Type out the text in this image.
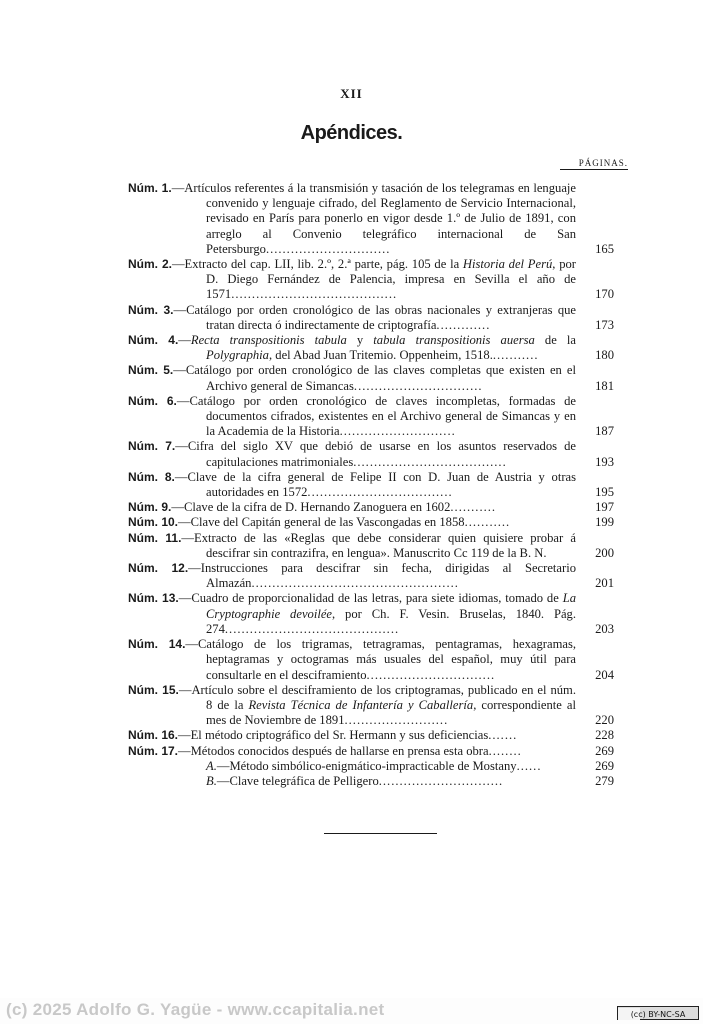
XII
Apéndices.
PÁGINAS.
Núm. 1.—Artículos referentes á la transmisión y tasación de los telegramas en lenguaje convenido y lenguaje cifrado, del Reglamento de Servicio Internacional, revisado en París para ponerlo en vigor desde 1.º de Julio de 1891, con arreglo al Convenio telegráfico internacional de San Petersburgo..............................	165
Núm. 2.—Extracto del cap. LII, lib. 2.º, 2.ª parte, pág. 105 de la Historia del Perú, por D. Diego Fernández de Palencia, impresa en Sevilla el año de 1571........................................	170
Núm. 3.—Catálogo por orden cronológico de las obras nacionales y extranjeras que tratan directa ó indirectamente de criptografía.............	173
Núm. 4.—Recta transpositionis tabula y tabula transpositionis auersa de la Polygraphia, del Abad Juan Tritemio. Oppenheim, 1518............	180
Núm. 5.—Catálogo por orden cronológico de las claves completas que existen en el Archivo general de Simancas...............................	181
Núm. 6.—Catálogo por orden cronológico de claves incompletas, formadas de documentos cifrados, existentes en el Archivo general de Simancas y en la Academia de la Historia............................	187
Núm. 7.—Cifra del siglo XV que debió de usarse en los asuntos reservados de capitulaciones matrimoniales.....................................	193
Núm. 8.—Clave de la cifra general de Felipe II con D. Juan de Austria y otras autoridades en 1572...................................	195
Núm. 9.—Clave de la cifra de D. Hernando Zanoguera en 1602...........	197
Núm. 10.—Clave del Capitán general de las Vascongadas en 1858...........	199
Núm. 11.—Extracto de las «Reglas que debe considerar quien quisiere probar á descifrar sin contrazifra, en lengua». Manuscrito Cc 119 de la B. N.	200
Núm. 12.—Instrucciones para descifrar sin fecha, dirigidas al Secretario Almazán..................................................	201
Núm. 13.—Cuadro de proporcionalidad de las letras, para siete idiomas, tomado de La Cryptographie devoilée, por Ch. F. Vesin. Bruselas, 1840. Pág. 274..........................................	203
Núm. 14.—Catálogo de los trigramas, tetragramas, pentagramas, hexagramas, heptagramas y octogramas más usuales del español, muy útil para consultarle en el desciframiento...............................	204
Núm. 15.—Artículo sobre el desciframiento de los criptogramas, publicado en el núm. 8 de la Revista Técnica de Infantería y Caballería, correspondiente al mes de Noviembre de 1891.........................	220
Núm. 16.—El método criptográfico del Sr. Hermann y sus deficiencias.......	228
Núm. 17.—Métodos conocidos después de hallarse en prensa esta obra........	269
A.—Método simbólico-enigmático-impracticable de Mostany......	269
B.—Clave telegráfica de Pelligero..............................	279
(c) 2025 Adolfo G. Yagüe - www.ccapitalia.net	(cc) BY-NC-SA
